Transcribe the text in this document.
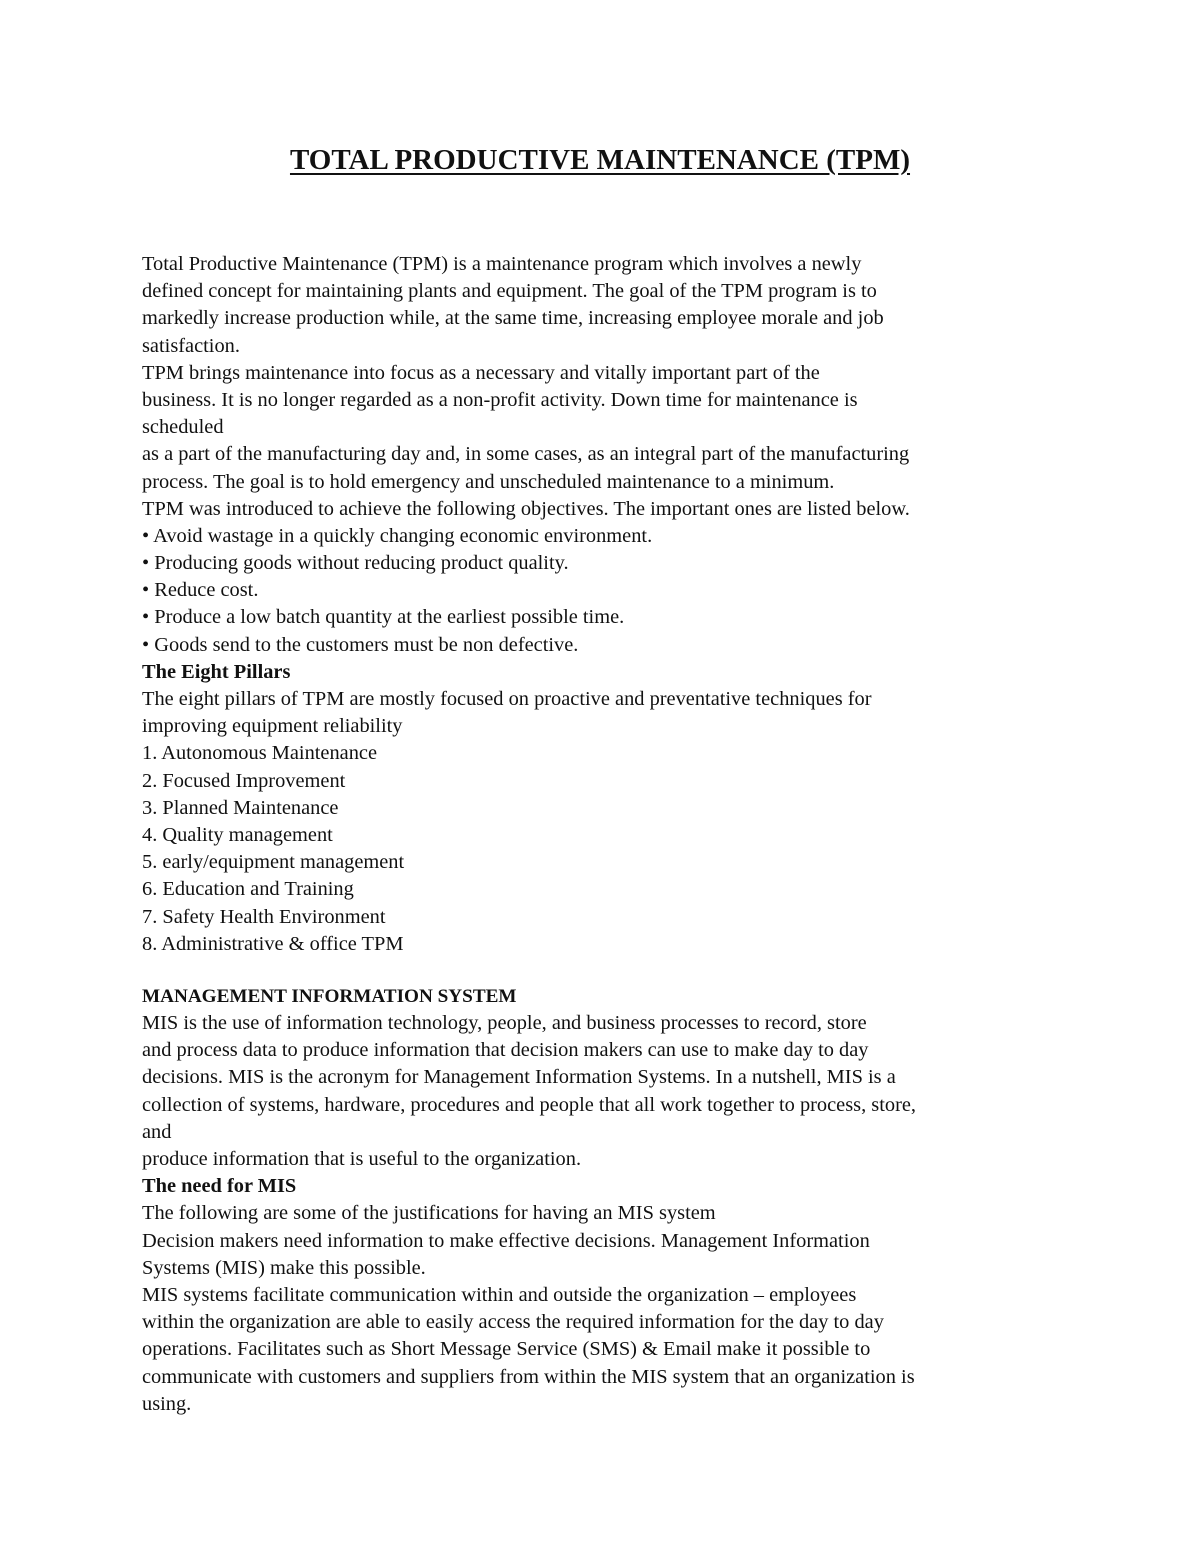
TOTAL PRODUCTIVE MAINTENANCE (TPM)
Total Productive Maintenance (TPM) is a maintenance program which involves a newly
defined concept for maintaining plants and equipment. The goal of the TPM program is to
markedly increase production while, at the same time, increasing employee morale and job
satisfaction.
TPM brings maintenance into focus as a necessary and vitally important part of the
business. It is no longer regarded as a non-profit activity. Down time for maintenance is
scheduled
as a part of the manufacturing day and, in some cases, as an integral part of the manufacturing
process. The goal is to hold emergency and unscheduled maintenance to a minimum.
TPM was introduced to achieve the following objectives. The important ones are listed below.
• Avoid wastage in a quickly changing economic environment.
• Producing goods without reducing product quality.
• Reduce cost.
• Produce a low batch quantity at the earliest possible time.
• Goods send to the customers must be non defective.
The Eight Pillars
The eight pillars of TPM are mostly focused on proactive and preventative techniques for
improving equipment reliability
1. Autonomous Maintenance
2. Focused Improvement
3. Planned Maintenance
4. Quality management
5. early/equipment management
6. Education and Training
7. Safety Health Environment
8. Administrative & office TPM
MANAGEMENT INFORMATION SYSTEM
MIS is the use of information technology, people, and business processes to record, store
and process data to produce information that decision makers can use to make day to day
decisions. MIS is the acronym for Management Information Systems. In a nutshell, MIS is a
collection of systems, hardware, procedures and people that all work together to process, store,
and
produce information that is useful to the organization.
The need for MIS
The following are some of the justifications for having an MIS system
Decision makers need information to make effective decisions. Management Information
Systems (MIS) make this possible.
MIS systems facilitate communication within and outside the organization – employees
within the organization are able to easily access the required information for the day to day
operations. Facilitates such as Short Message Service (SMS) & Email make it possible to
communicate with customers and suppliers from within the MIS system that an organization is
using.
